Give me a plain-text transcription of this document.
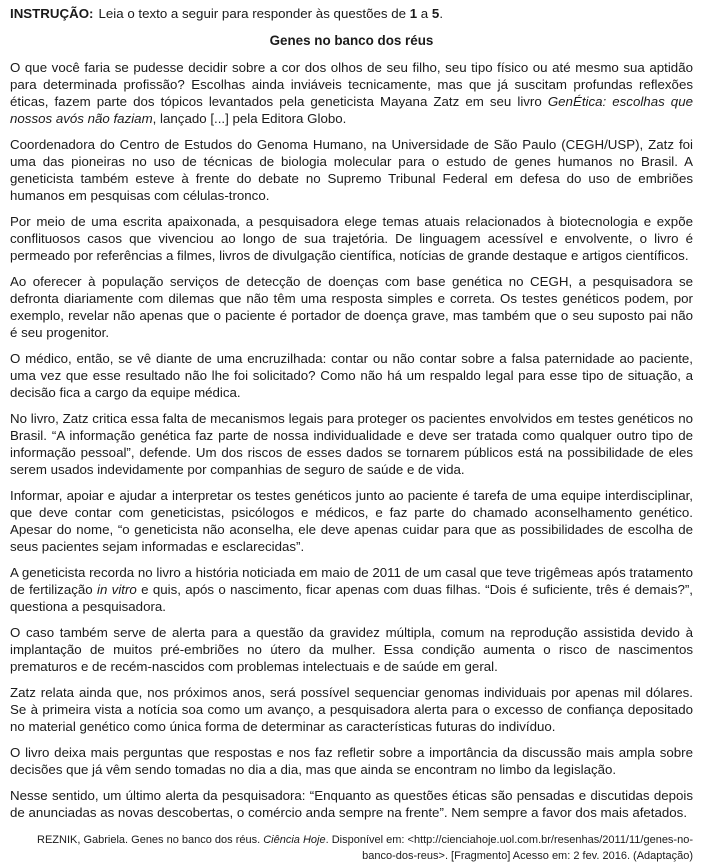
INSTRUÇÃO: Leia o texto a seguir para responder às questões de 1 a 5.

Genes no banco dos réus

O que você faria se pudesse decidir sobre a cor dos olhos de seu filho, seu tipo físico ou até mesmo sua aptidão para determinada profissão? Escolhas ainda inviáveis tecnicamente, mas que já suscitam profundas reflexões éticas, fazem parte dos tópicos levantados pela geneticista Mayana Zatz em seu livro GenÉtica: escolhas que nossos avós não faziam, lançado [...] pela Editora Globo.

Coordenadora do Centro de Estudos do Genoma Humano, na Universidade de São Paulo (CEGH/USP), Zatz foi uma das pioneiras no uso de técnicas de biologia molecular para o estudo de genes humanos no Brasil. A geneticista também esteve à frente do debate no Supremo Tribunal Federal em defesa do uso de embriões humanos em pesquisas com células-tronco.

Por meio de uma escrita apaixonada, a pesquisadora elege temas atuais relacionados à biotecnologia e expõe conflituosos casos que vivenciou ao longo de sua trajetória. De linguagem acessível e envolvente, o livro é permeado por referências a filmes, livros de divulgação científica, notícias de grande destaque e artigos científicos.

Ao oferecer à população serviços de detecção de doenças com base genética no CEGH, a pesquisadora se defronta diariamente com dilemas que não têm uma resposta simples e correta. Os testes genéticos podem, por exemplo, revelar não apenas que o paciente é portador de doença grave, mas também que o seu suposto pai não é seu progenitor.

O médico, então, se vê diante de uma encruzilhada: contar ou não contar sobre a falsa paternidade ao paciente, uma vez que esse resultado não lhe foi solicitado? Como não há um respaldo legal para esse tipo de situação, a decisão fica a cargo da equipe médica.

No livro, Zatz critica essa falta de mecanismos legais para proteger os pacientes envolvidos em testes genéticos no Brasil. “A informação genética faz parte de nossa individualidade e deve ser tratada como qualquer outro tipo de informação pessoal”, defende. Um dos riscos de esses dados se tornarem públicos está na possibilidade de eles serem usados indevidamente por companhias de seguro de saúde e de vida.

Informar, apoiar e ajudar a interpretar os testes genéticos junto ao paciente é tarefa de uma equipe interdisciplinar, que deve contar com geneticistas, psicólogos e médicos, e faz parte do chamado aconselhamento genético. Apesar do nome, “o geneticista não aconselha, ele deve apenas cuidar para que as possibilidades de escolha de seus pacientes sejam informadas e esclarecidas”.

A geneticista recorda no livro a história noticiada em maio de 2011 de um casal que teve trigêmeas após tratamento de fertilização in vitro e quis, após o nascimento, ficar apenas com duas filhas. “Dois é suficiente, três é demais?”, questiona a pesquisadora.

O caso também serve de alerta para a questão da gravidez múltipla, comum na reprodução assistida devido à implantação de muitos pré-embriões no útero da mulher. Essa condição aumenta o risco de nascimentos prematuros e de recém-nascidos com problemas intelectuais e de saúde em geral.

Zatz relata ainda que, nos próximos anos, será possível sequenciar genomas individuais por apenas mil dólares. Se à primeira vista a notícia soa como um avanço, a pesquisadora alerta para o excesso de confiança depositado no material genético como única forma de determinar as características futuras do indivíduo.

O livro deixa mais perguntas que respostas e nos faz refletir sobre a importância da discussão mais ampla sobre decisões que já vêm sendo tomadas no dia a dia, mas que ainda se encontram no limbo da legislação.

Nesse sentido, um último alerta da pesquisadora: “Enquanto as questões éticas são pensadas e discutidas depois de anunciadas as novas descobertas, o comércio anda sempre na frente”. Nem sempre a favor dos mais afetados.

REZNIK, Gabriela. Genes no banco dos réus. Ciência Hoje. Disponível em: <http://cienciahoje.uol.com.br/resenhas/2011/11/genes-no-banco-dos-reus>. [Fragmento] Acesso em: 2 fev. 2016. (Adaptação)
